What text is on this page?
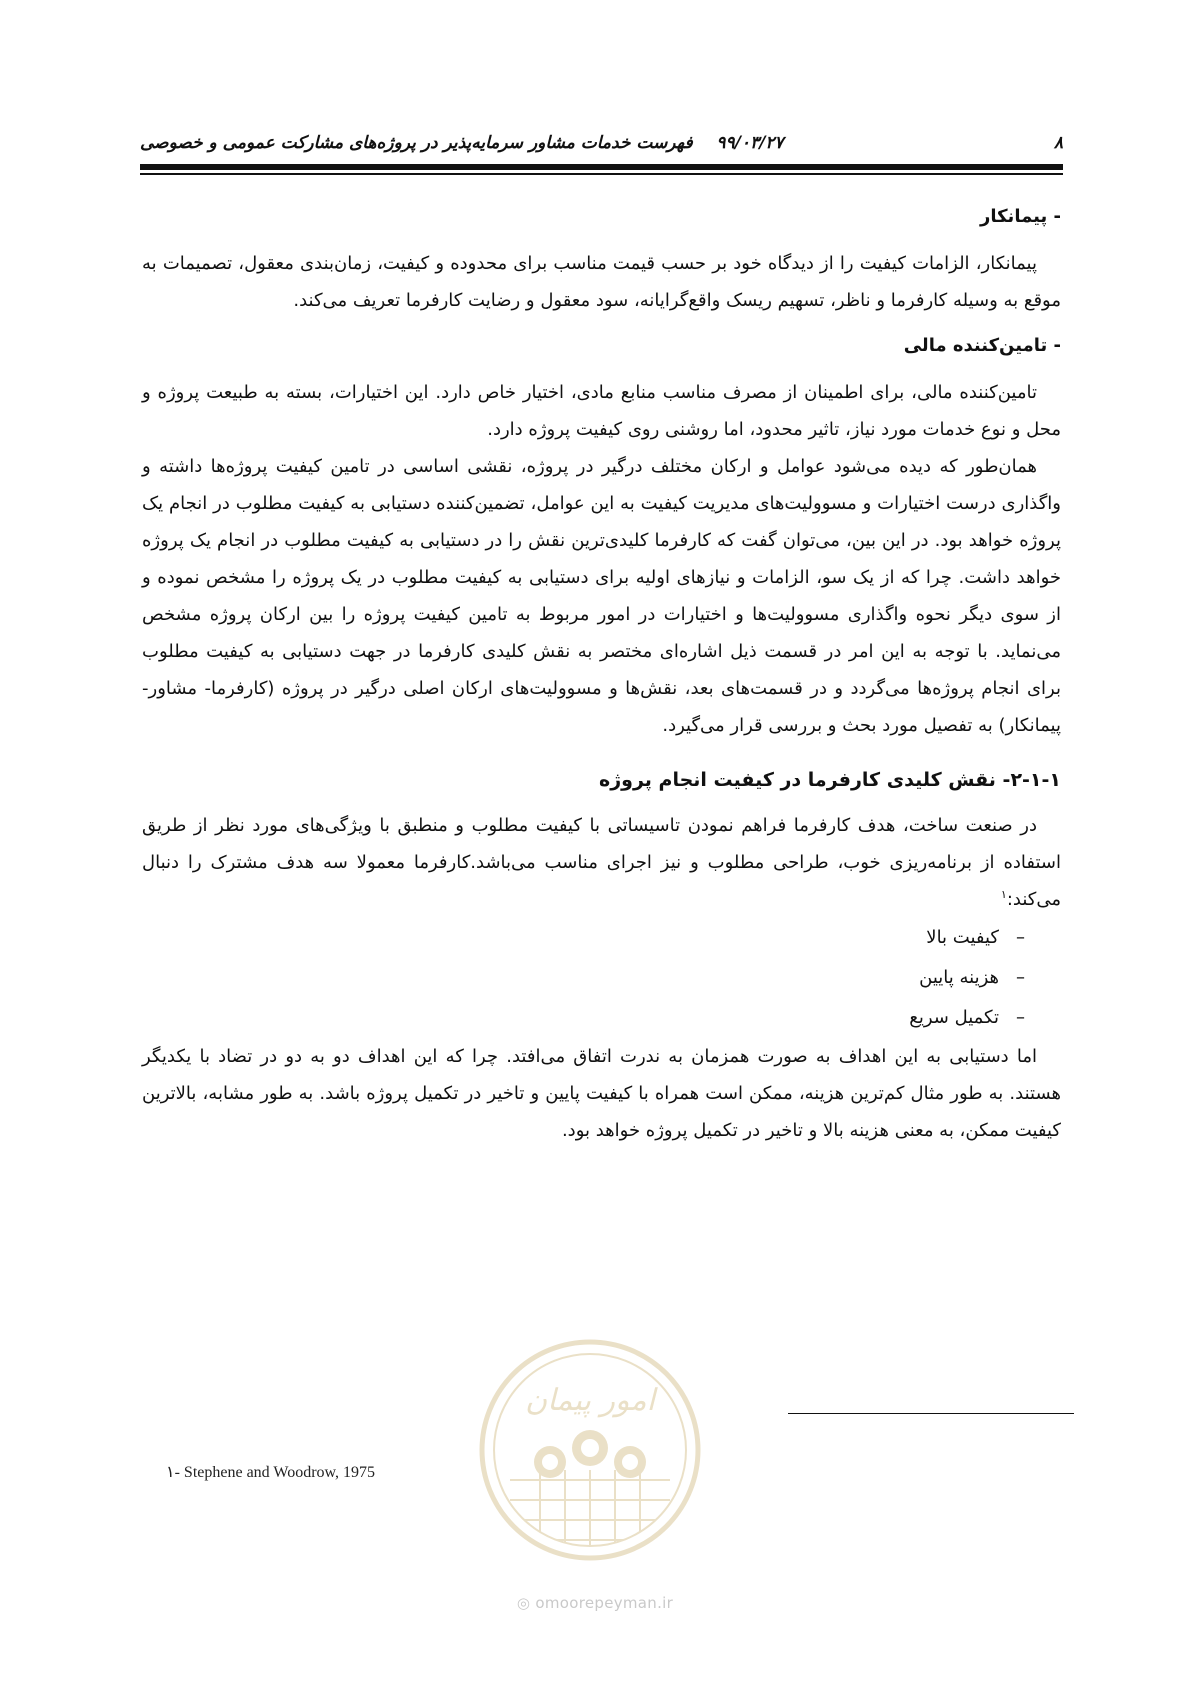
۸
۹۹/۰۳/۲۷    فهرست خدمات مشاور سرمایه‌پذیر در پروژه‌های مشارکت عمومی و خصوصی
- پیمانکار

پیمانکار، الزامات کیفیت را از دیدگاه خود بر حسب قیمت مناسب برای محدوده و کیفیت، زمان‌بندی معقول، تصمیمات به موقع به وسیله کارفرما و ناظر، تسهیم ریسک واقع‌گرایانه، سود معقول و رضایت کارفرما تعریف می‌کند.

- تامین‌کننده مالی

تامین‌کننده مالی، برای اطمینان از مصرف مناسب منابع مادی، اختیار خاص دارد. این اختیارات، بسته به طبیعت پروژه و محل و نوع خدمات مورد نیاز، تاثیر محدود، اما روشنی روی کیفیت پروژه دارد.

همان‌طور که دیده می‌شود عوامل و ارکان مختلف درگیر در پروژه، نقشی اساسی در تامین کیفیت پروژه‌ها داشته و واگذاری درست اختیارات و مسوولیت‌های مدیریت کیفیت به این عوامل، تضمین‌کننده دستیابی به کیفیت مطلوب در انجام یک پروژه خواهد بود. در این بین، می‌توان گفت که کارفرما کلیدی‌ترین نقش را در دستیابی به کیفیت مطلوب در انجام یک پروژه خواهد داشت. چرا که از یک سو، الزامات و نیازهای اولیه برای دستیابی به کیفیت مطلوب در یک پروژه را مشخص نموده و از سوی دیگر نحوه واگذاری مسوولیت‌ها و اختیارات در امور مربوط به تامین کیفیت پروژه را بین ارکان پروژه مشخص می‌نماید. با توجه به این امر در قسمت ذیل اشاره‌ای مختصر به نقش کلیدی کارفرما در جهت دستیابی به کیفیت مطلوب برای انجام پروژه‌ها می‌گردد و در قسمت‌های بعد، نقش‌ها و مسوولیت‌های ارکان اصلی درگیر در پروژه (کارفرما- مشاور- پیمانکار) به تفصیل مورد بحث و بررسی قرار می‌گیرد.

۲-۱-۱- نقش کلیدی کارفرما در کیفیت انجام پروژه

در صنعت ساخت، هدف کارفرما فراهم نمودن تاسیساتی با کیفیت مطلوب و منطبق با ویژگی‌های مورد نظر از طریق استفاده از برنامه‌ریزی خوب، طراحی مطلوب و نیز اجرای مناسب می‌باشد.کارفرما معمولا سه هدف مشترک را دنبال می‌کند:$^۱$

–کیفیت بالا
–هزینه پایین
–تکمیل سریع

اما دستیابی به این اهداف به صورت همزمان به ندرت اتفاق می‌افتد. چرا که این اهداف دو به دو در تضاد با یکدیگر هستند. به طور مثال کم‌ترین هزینه، ممکن است همراه با کیفیت پایین و تاخیر در تکمیل پروژه باشد. به طور مشابه، بالاترین کیفیت ممکن، به معنی هزینه بالا و تاخیر در تکمیل پروژه خواهد بود.

امور پیمان
◎ omoorepeyman.ir
۱- Stephene and Woodrow, 1975
